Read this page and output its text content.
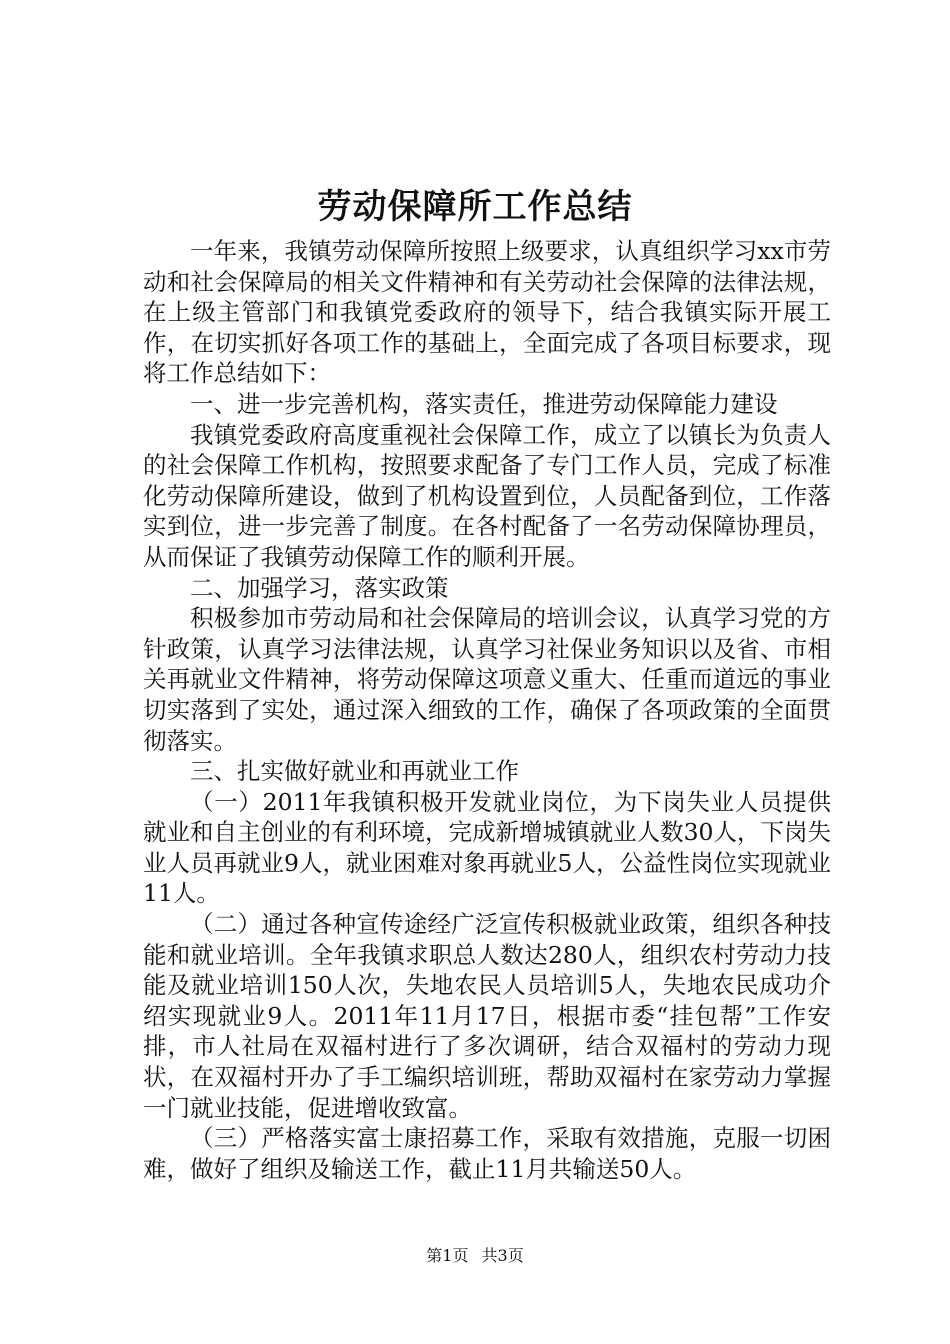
劳动保障所工作总结

一年来，我镇劳动保障所按照上级要求，认真组织学习xx市劳动和社会保障局的相关文件精神和有关劳动社会保障的法律法规，在上级主管部门和我镇党委政府的领导下，结合我镇实际开展工作，在切实抓好各项工作的基础上，全面完成了各项目标要求，现将工作总结如下：

一、进一步完善机构，落实责任，推进劳动保障能力建设

我镇党委政府高度重视社会保障工作，成立了以镇长为负责人的社会保障工作机构，按照要求配备了专门工作人员，完成了标准化劳动保障所建设，做到了机构设置到位，人员配备到位，工作落实到位，进一步完善了制度。在各村配备了一名劳动保障协理员，从而保证了我镇劳动保障工作的顺利开展。

二、加强学习，落实政策

积极参加市劳动局和社会保障局的培训会议，认真学习党的方针政策，认真学习法律法规，认真学习社保业务知识以及省、市相关再就业文件精神，将劳动保障这项意义重大、任重而道远的事业切实落到了实处，通过深入细致的工作，确保了各项政策的全面贯彻落实。

三、扎实做好就业和再就业工作

（一）2011年我镇积极开发就业岗位，为下岗失业人员提供就业和自主创业的有利环境，完成新增城镇就业人数30人，下岗失业人员再就业9人，就业困难对象再就业5人，公益性岗位实现就业11人。

（二）通过各种宣传途经广泛宣传积极就业政策，组织各种技能和就业培训。全年我镇求职总人数达280人，组织农村劳动力技能及就业培训150人次，失地农民人员培训5人，失地农民成功介绍实现就业9人。2011年11月17日，根据市委“挂包帮”工作安排，市人社局在双福村进行了多次调研，结合双福村的劳动力现状，在双福村开办了手工编织培训班，帮助双福村在家劳动力掌握一门就业技能，促进增收致富。

（三）严格落实富士康招募工作，采取有效措施，克服一切困难，做好了组织及输送工作，截止11月共输送50人。

第1页 共3页
